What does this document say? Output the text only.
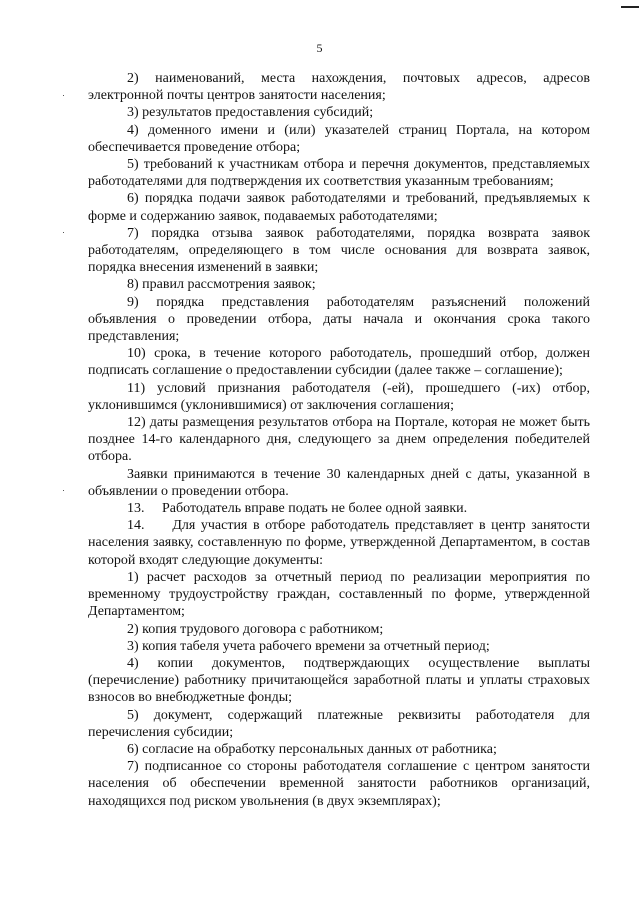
5

2) наименований, места нахождения, почтовых адресов, адресов электронной почты центров занятости населения;

3) результатов предоставления субсидий;

4) доменного имени и (или) указателей страниц Портала, на котором обеспечивается проведение отбора;

5) требований к участникам отбора и перечня документов, представляемых работодателями для подтверждения их соответствия указанным требованиям;

6) порядка подачи заявок работодателями и требований, предъявляемых к форме и содержанию заявок, подаваемых работодателями;

7) порядка отзыва заявок работодателями, порядка возврата заявок работодателям, определяющего в том числе основания для возврата заявок, порядка внесения изменений в заявки;

8) правил рассмотрения заявок;

9) порядка представления работодателям разъяснений положений объявления о проведении отбора, даты начала и окончания срока такого представления;

10) срока, в течение которого работодатель, прошедший отбор, должен подписать соглашение о предоставлении субсидии (далее также – соглашение);

11) условий признания работодателя (-ей), прошедшего (-их) отбор, уклонившимся (уклонившимися) от заключения соглашения;

12) даты размещения результатов отбора на Портале, которая не может быть позднее 14-го календарного дня, следующего за днем определения победителей отбора.

Заявки принимаются в течение 30 календарных дней с даты, указанной в объявлении о проведении отбора.

13.     Работодатель вправе подать не более одной заявки.

14.     Для участия в отборе работодатель представляет в центр занятости населения заявку, составленную по форме, утвержденной Департаментом, в состав которой входят следующие документы:

1) расчет расходов за отчетный период по реализации мероприятия по временному трудоустройству граждан, составленный по форме, утвержденной Департаментом;

2) копия трудового договора с работником;

3) копия табеля учета рабочего времени за отчетный период;

4) копии документов, подтверждающих осуществление выплаты (перечисление) работнику причитающейся заработной платы и уплаты страховых взносов во внебюджетные фонды;

5) документ, содержащий платежные реквизиты работодателя для перечисления субсидии;

6) согласие на обработку персональных данных от работника;

7) подписанное со стороны работодателя соглашение с центром занятости населения об обеспечении временной занятости работников организаций, находящихся под риском увольнения (в двух экземплярах);
